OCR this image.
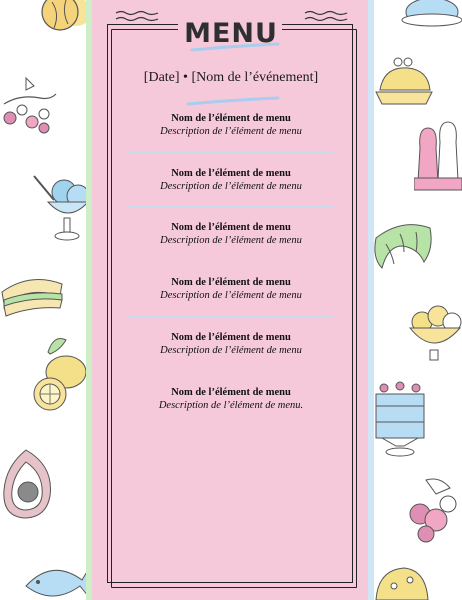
MENU
[Date] • [Nom de l’événement]
Nom de l’élément de menu
Description de l’élément de menu
Nom de l’élément de menu
Description de l’élément de menu
Nom de l’élément de menu
Description de l’élément de menu
Nom de l’élément de menu
Description de l’élément de menu
Nom de l’élément de menu
Description de l’élément de menu
Nom de l’élément de menu
Description de l’élément de menu.
